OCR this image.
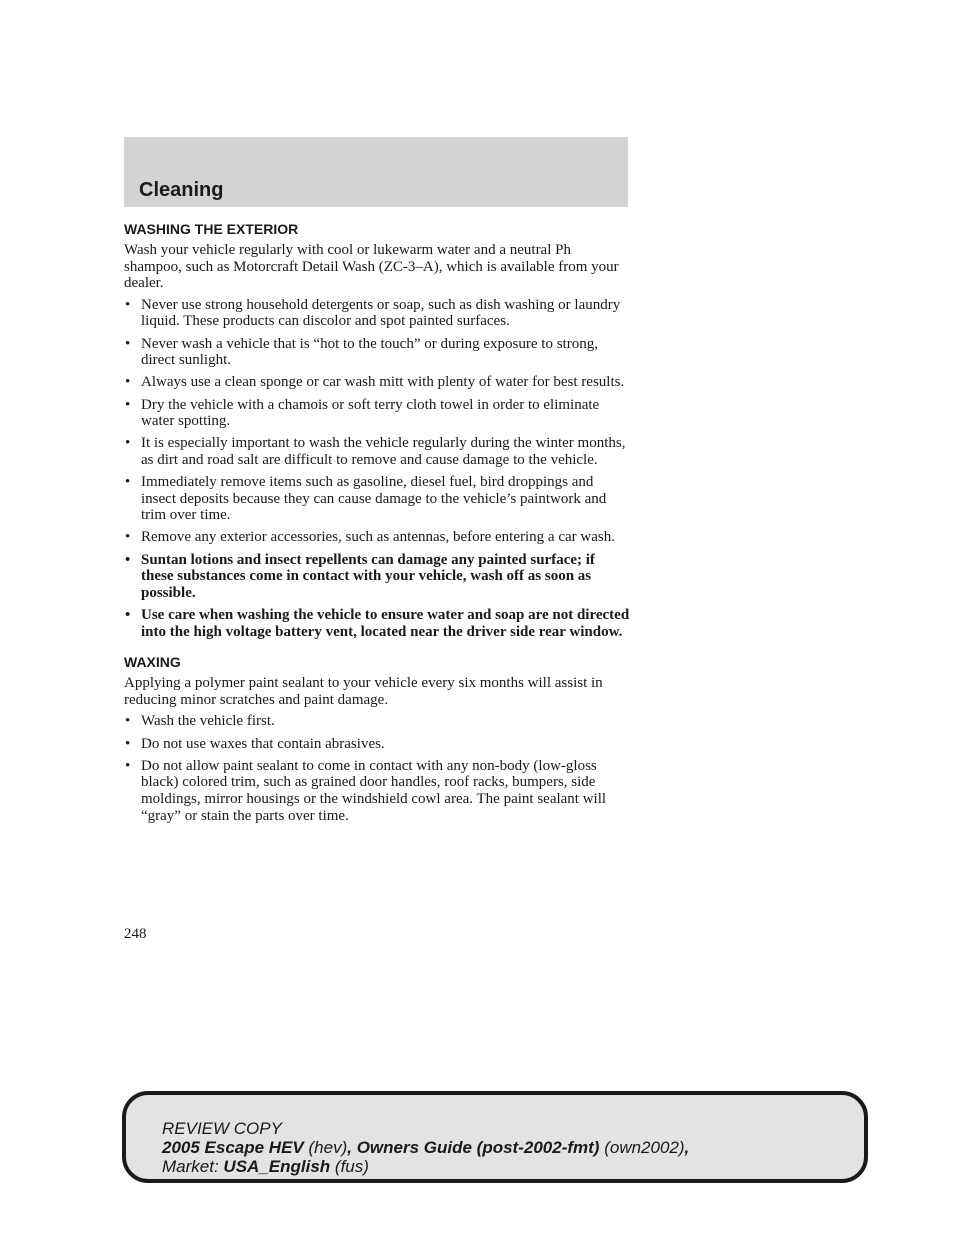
Cleaning
WASHING THE EXTERIOR

Wash your vehicle regularly with cool or lukewarm water and a neutral Ph shampoo, such as Motorcraft Detail Wash (ZC-3–A), which is available from your dealer.

• Never use strong household detergents or soap, such as dish washing or laundry liquid. These products can discolor and spot painted surfaces.
• Never wash a vehicle that is “hot to the touch” or during exposure to strong, direct sunlight.
• Always use a clean sponge or car wash mitt with plenty of water for best results.
• Dry the vehicle with a chamois or soft terry cloth towel in order to eliminate water spotting.
• It is especially important to wash the vehicle regularly during the winter months, as dirt and road salt are difficult to remove and cause damage to the vehicle.
• Immediately remove items such as gasoline, diesel fuel, bird droppings and insect deposits because they can cause damage to the vehicle’s paintwork and trim over time.
• Remove any exterior accessories, such as antennas, before entering a car wash.
• Suntan lotions and insect repellents can damage any painted surface; if these substances come in contact with your vehicle, wash off as soon as possible.
• Use care when washing the vehicle to ensure water and soap are not directed into the high voltage battery vent, located near the driver side rear window.
WAXING

Applying a polymer paint sealant to your vehicle every six months will assist in reducing minor scratches and paint damage.

• Wash the vehicle first.
• Do not use waxes that contain abrasives.
• Do not allow paint sealant to come in contact with any non-body (low-gloss black) colored trim, such as grained door handles, roof racks, bumpers, side moldings, mirror housings or the windshield cowl area. The paint sealant will “gray” or stain the parts over time.
248
REVIEW COPY
2005 Escape HEV (hev), Owners Guide (post-2002-fmt) (own2002),
Market: USA_English (fus)
